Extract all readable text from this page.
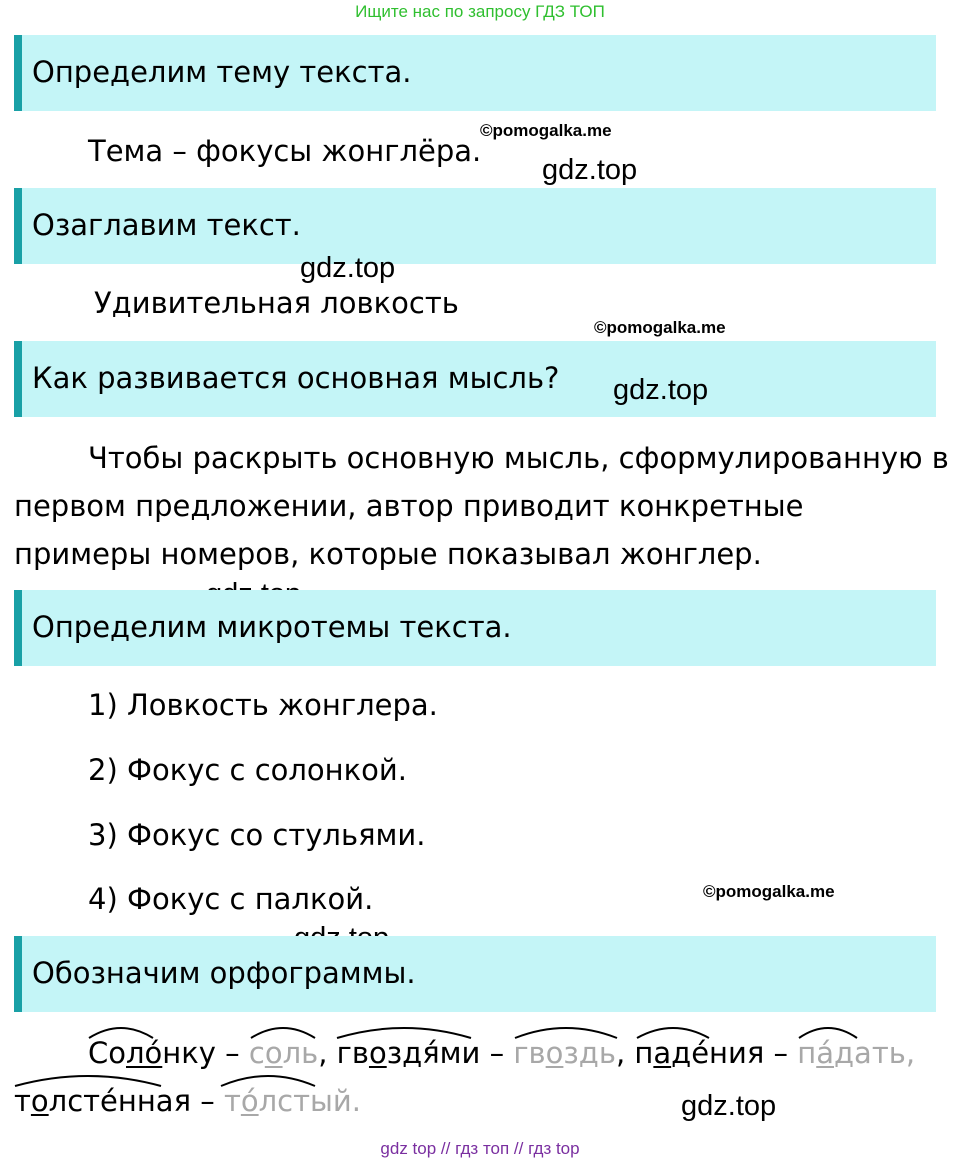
Ищите нас по запросу ГДЗ ТОП
Определим тему текста.
Тема – фокусы жонглёра.
©pomogalka.me
gdz.top
Озаглавим текст.
gdz.top
Удивительная ловкость
©pomogalka.me
Как развивается основная мысль? gdz.top
Чтобы раскрыть основную мысль, сформулированную в
первом предложении, автор приводит конкретные
примеры номеров, которые показывал жонглер.
Определим микротемы текста.
1) Ловкость жонглера.
2) Фокус с солонкой.
3) Фокус со стульями.
4) Фокус с палкой.	©pomogalka.me
Обозначим орфограммы.
Соло́нку – соль, гвоздя́ми – гвоздь, падéния – пáдать,
толсте́нная – то́лстый.	gdz.top
gdz top // гдз топ // гдз top
